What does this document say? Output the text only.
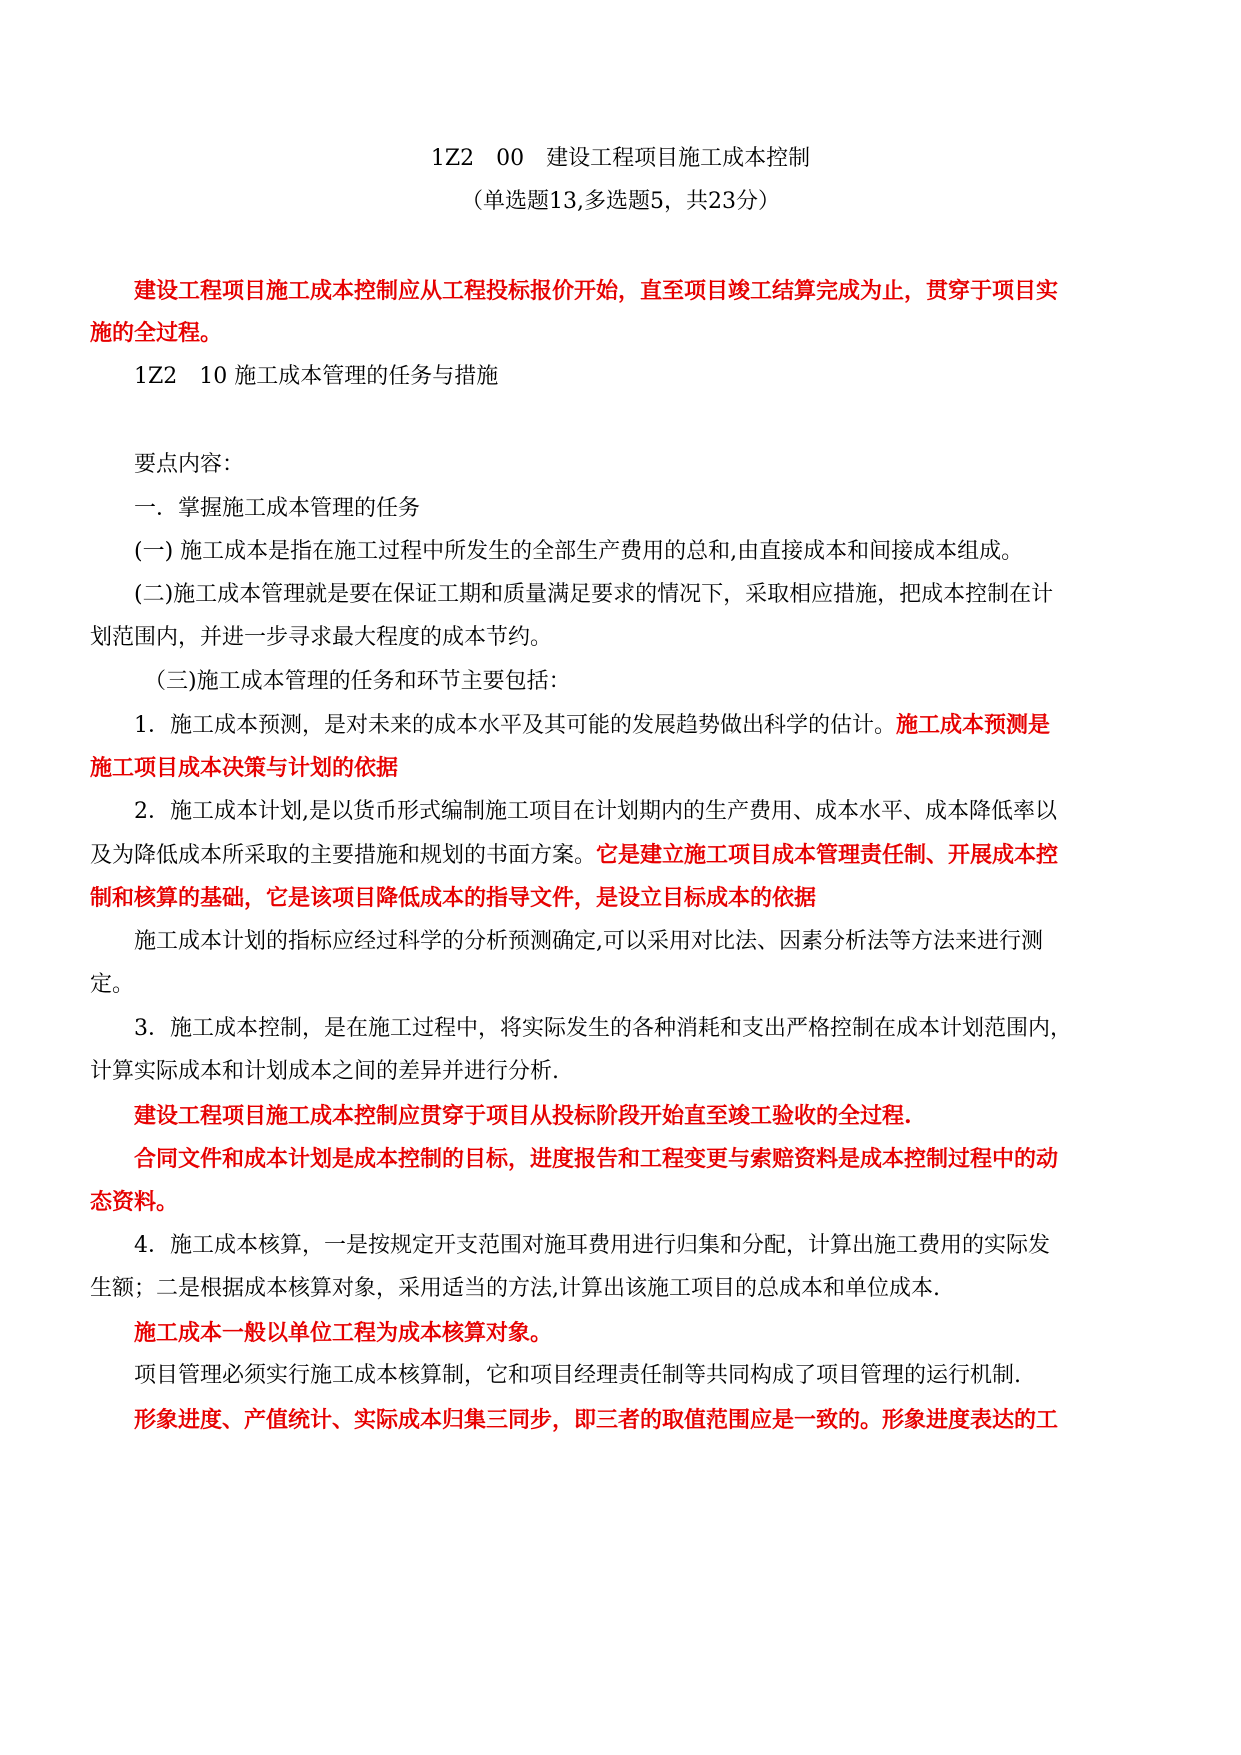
1Z2　00　建设工程项目施工成本控制
（单选题13,多选题5，共23分）
建设工程项目施工成本控制应从工程投标报价开始，直至项目竣工结算完成为止，贯穿于项目实
施的全过程。
1Z2　10 施工成本管理的任务与措施
要点内容：
一．掌握施工成本管理的任务
(一) 施工成本是指在施工过程中所发生的全部生产费用的总和,由直接成本和间接成本组成。
(二)施工成本管理就是要在保证工期和质量满足要求的情况下，采取相应措施，把成本控制在计
划范围内，并进一步寻求最大程度的成本节约。
（三)施工成本管理的任务和环节主要包括：
1．施工成本预测，是对未来的成本水平及其可能的发展趋势做出科学的估计。施工成本预测是
施工项目成本决策与计划的依据
2．施工成本计划,是以货币形式编制施工项目在计划期内的生产费用、成本水平、成本降低率以
及为降低成本所采取的主要措施和规划的书面方案。它是建立施工项目成本管理责任制、开展成本控
制和核算的基础，它是该项目降低成本的指导文件，是设立目标成本的依据
施工成本计划的指标应经过科学的分析预测确定,可以采用对比法、因素分析法等方法来进行测
定。
3．施工成本控制，是在施工过程中，将实际发生的各种消耗和支出严格控制在成本计划范围内，
计算实际成本和计划成本之间的差异并进行分析.
建设工程项目施工成本控制应贯穿于项目从投标阶段开始直至竣工验收的全过程.
合同文件和成本计划是成本控制的目标，进度报告和工程变更与索赔资料是成本控制过程中的动
态资料。
4．施工成本核算，一是按规定开支范围对施耳费用进行归集和分配，计算出施工费用的实际发
生额；二是根据成本核算对象，采用适当的方法,计算出该施工项目的总成本和单位成本.
施工成本一般以单位工程为成本核算对象。
项目管理必须实行施工成本核算制，它和项目经理责任制等共同构成了项目管理的运行机制.
形象进度、产值统计、实际成本归集三同步，即三者的取值范围应是一致的。形象进度表达的工
